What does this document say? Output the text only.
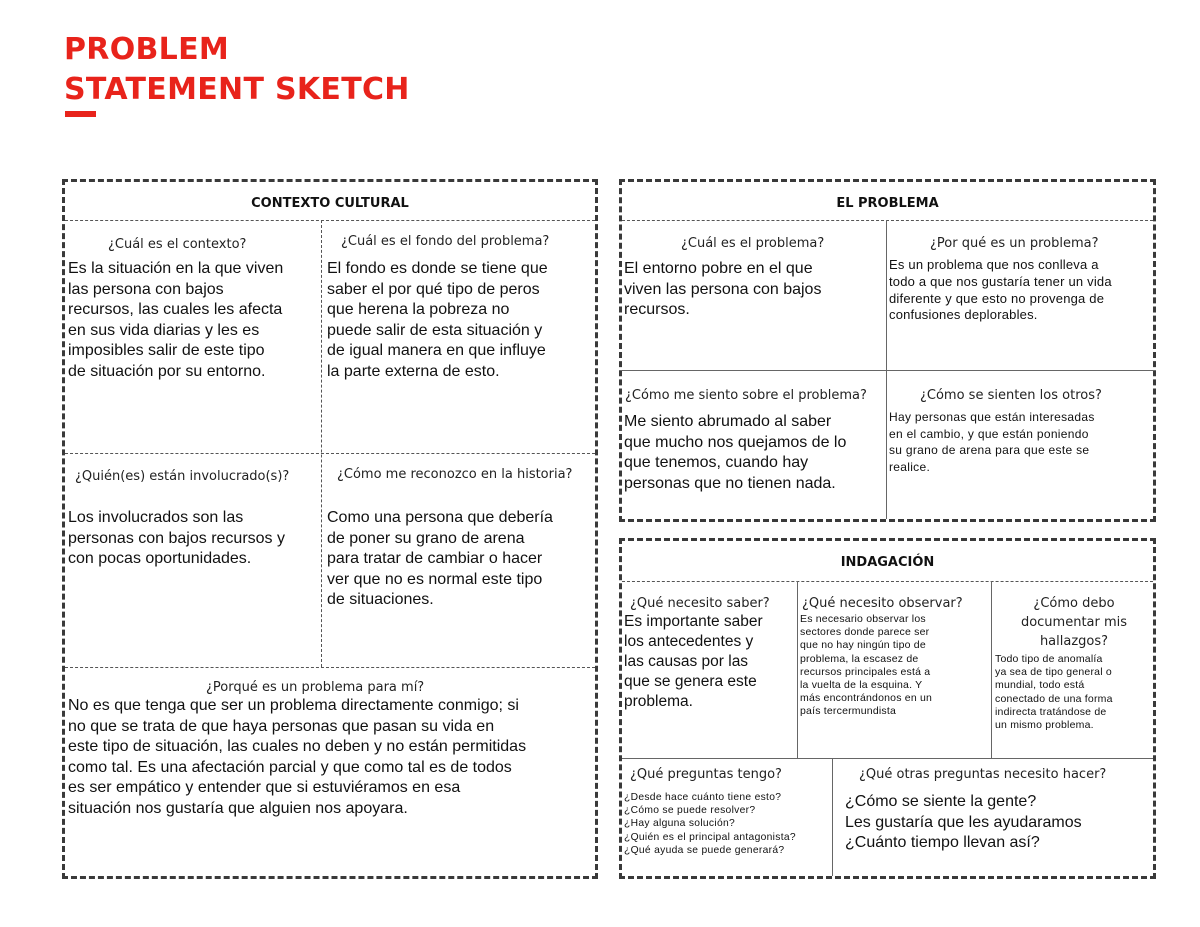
PROBLEM
STATEMENT SKETCH
CONTEXTO CULTURAL
¿Cuál es el contexto?
Es la situación en la que viven
las persona con bajos
recursos, las cuales les afecta
en sus vida diarias y les es
imposibles salir de este tipo
de situación por su entorno.
¿Cuál es el fondo del problema?
El fondo es donde se tiene que
saber el por qué tipo de peros
que herena la pobreza no
puede salir de esta situación y
de igual manera en que influye
la parte externa de esto.
¿Quién(es) están involucrado(s)?
Los involucrados son las
personas con bajos recursos y
con pocas oportunidades.
¿Cómo me reconozco en la historia?
Como una persona que debería
de poner su grano de arena
para tratar de cambiar o hacer
ver que no es normal este tipo
de situaciones.
¿Porqué es un problema para mí?
No es que tenga que ser un problema directamente conmigo; si
no que se trata de que haya personas que pasan su vida en
este tipo de situación, las cuales no deben y no están permitidas
como tal. Es una afectación parcial y que como tal es de todos
es ser empático y entender que si estuviéramos en esa
situación nos gustaría que alguien nos apoyara.
EL PROBLEMA
¿Cuál es el problema?
El entorno pobre en el que
viven las persona con bajos
recursos.
¿Por qué es un problema?
Es un problema que nos conlleva a
todo a que nos gustaría tener un vida
diferente y que esto no provenga de
confusiones deplorables.
¿Cómo me siento sobre el problema?
Me siento abrumado al saber
que mucho nos quejamos de lo
que tenemos, cuando hay
personas que no tienen nada.
¿Cómo se sienten los otros?
Hay personas que están interesadas
en el cambio, y que están poniendo
su grano de arena para que este se
realice.
INDAGACIÓN
¿Qué necesito saber?
Es importante saber
los antecedentes y
las causas por las
que se genera este
problema.
¿Qué necesito observar?
Es necesario observar los
sectores donde parece ser
que no hay ningún tipo de
problema, la escasez de
recursos principales está a
la vuelta de la esquina. Y
más encontrándonos en un
país tercermundista
¿Cómo debo documentar mis hallazgos?
Todo tipo de anomalía
ya sea de tipo general o
mundial, todo está
conectado de una forma
indirecta tratándose de
un mismo problema.
¿Qué preguntas tengo?
¿Desde hace cuánto tiene esto?
¿Cómo se puede resolver?
¿Hay alguna solución?
¿Quién es el principal antagonista?
¿Qué ayuda se puede generará?
¿Qué otras preguntas necesito hacer?
¿Cómo se siente la gente?
Les gustaría que les ayudaramos
¿Cuánto tiempo llevan así?
